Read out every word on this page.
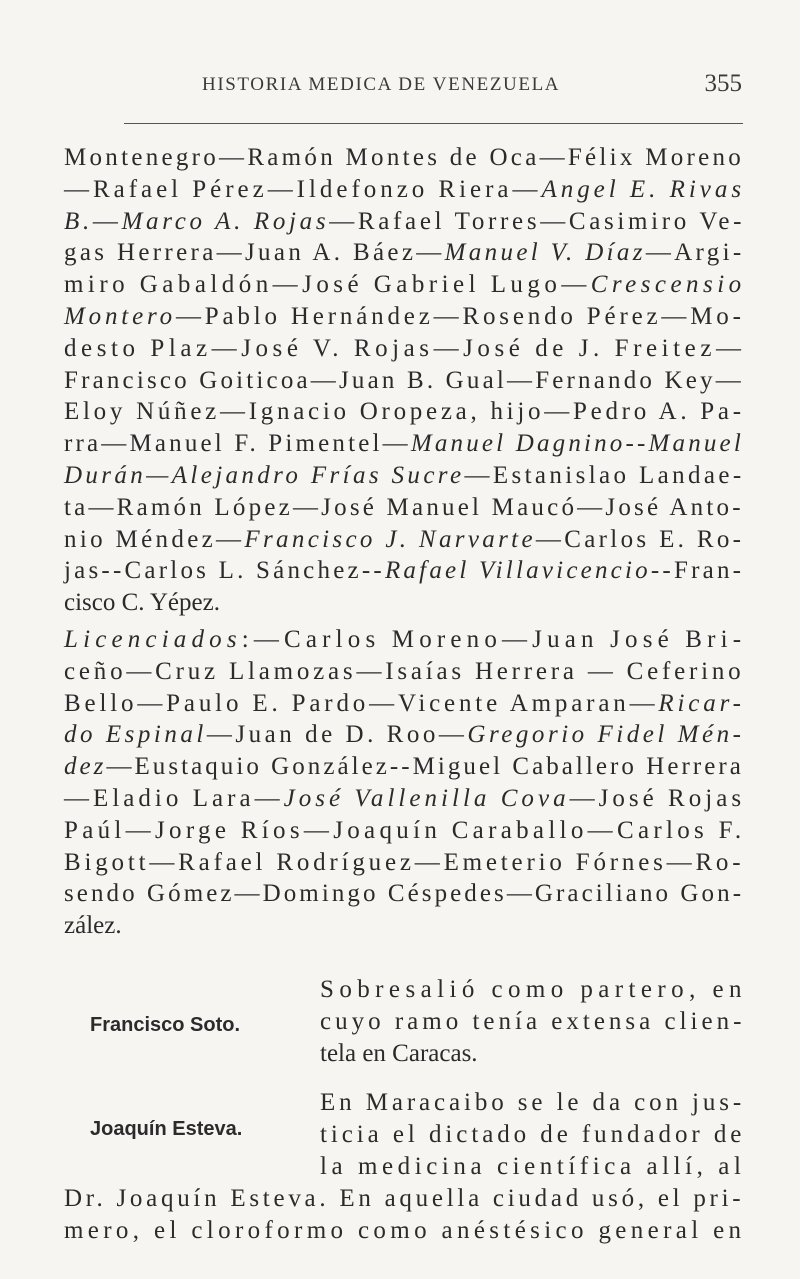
HISTORIA MEDICA DE VENEZUELA	355
Montenegro—Ramón Montes de Oca—Félix Moreno
—Rafael Pérez—Ildefonzo Riera—Angel E. Rivas
B.—Marco A. Rojas—Rafael Torres—Casimiro Ve-
gas Herrera—Juan A. Báez—Manuel V. Díaz—Argi-
miro Gabaldón—José Gabriel Lugo—Crescensio
Montero—Pablo Hernández—Rosendo Pérez—Mo-
desto Plaz—José V. Rojas—José de J. Freitez—
Francisco Goiticoa—Juan B. Gual—Fernando Key—
Eloy Núñez—Ignacio Oropeza, hijo—Pedro A. Pa-
rra—Manuel F. Pimentel—Manuel Dagnino--Manuel
Durán—Alejandro Frías Sucre—Estanislao Landae-
ta—Ramón López—José Manuel Maucó—José Anto-
nio Méndez—Francisco J. Narvarte—Carlos E. Ro-
jas--Carlos L. Sánchez--Rafael Villavicencio--Fran-
cisco C. Yépez.
Licenciados:—Carlos Moreno—Juan José Bri-
ceño—Cruz Llamozas—Isaías Herrera — Ceferino
Bello—Paulo E. Pardo—Vicente Amparan—Ricar-
do Espinal—Juan de D. Roo—Gregorio Fidel Mén-
dez—Eustaquio González--Miguel Caballero Herrera
—Eladio Lara—José Vallenilla Cova—José Rojas
Paúl—Jorge Ríos—Joaquín Caraballo—Carlos F.
Bigott—Rafael Rodríguez—Emeterio Fórnes—Ro-
sendo Gómez—Domingo Céspedes—Graciliano Gon-
zález.
Francisco Soto.
Sobresalió como partero, en
cuyo ramo tenía extensa clien-
tela en Caracas.
Joaquín Esteva.
En Maracaibo se le da con jus-
ticia el dictado de fundador de
la medicina científica allí, al
Dr. Joaquín Esteva. En aquella ciudad usó, el pri-
mero, el cloroformo como anéstésico general en
